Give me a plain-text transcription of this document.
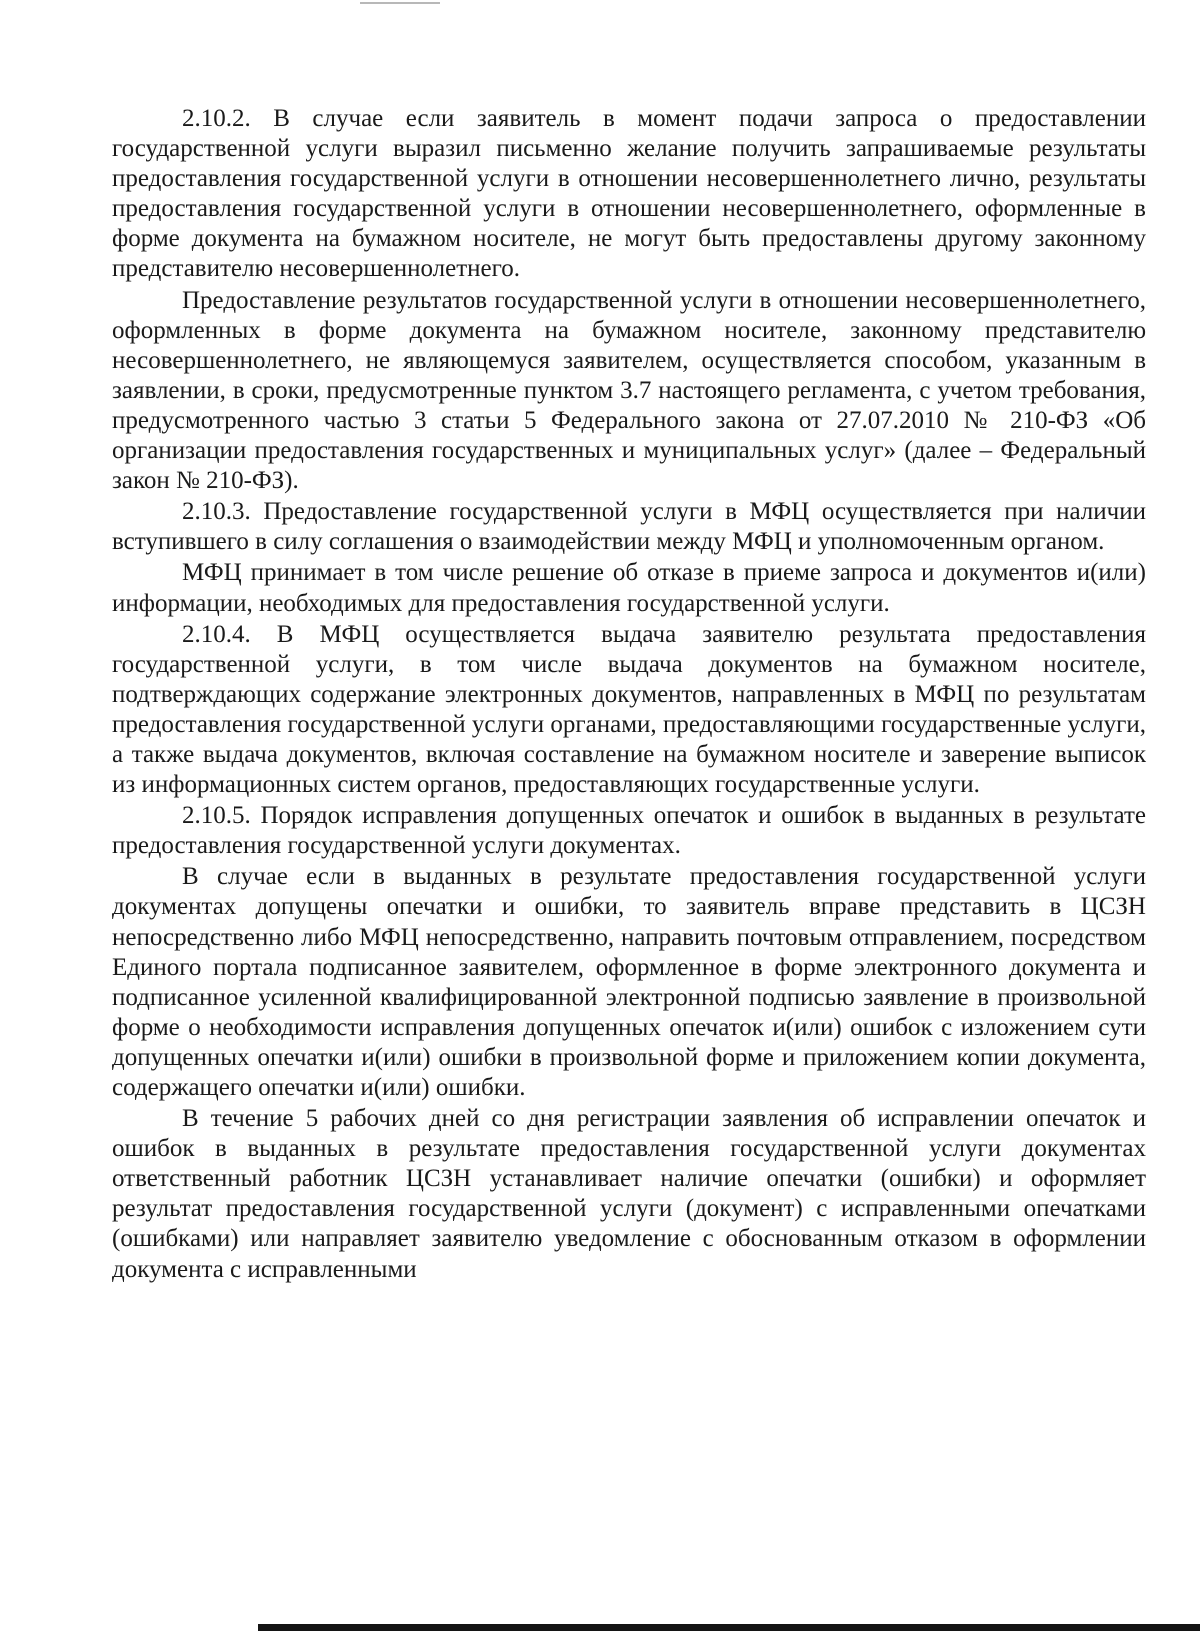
2.10.2. В случае если заявитель в момент подачи запроса о предоставлении государственной услуги выразил письменно желание получить запрашиваемые результаты предоставления государственной услуги в отношении несовершеннолетнего лично, результаты предоставления государственной услуги в отношении несовершеннолетнего, оформленные в форме документа на бумажном носителе, не могут быть предоставлены другому законному представителю несовершеннолетнего.

Предоставление результатов государственной услуги в отношении несовершеннолетнего, оформленных в форме документа на бумажном носителе, законному представителю несовершеннолетнего, не являющемуся заявителем, осуществляется способом, указанным в заявлении, в сроки, предусмотренные пунктом 3.7 настоящего регламента, с учетом требования, предусмотренного частью 3 статьи 5 Федерального закона от 27.07.2010 № 210-ФЗ «Об организации предоставления государственных и муниципальных услуг» (далее – Федеральный закон № 210-ФЗ).

2.10.3. Предоставление государственной услуги в МФЦ осуществляется при наличии вступившего в силу соглашения о взаимодействии между МФЦ и уполномоченным органом.

МФЦ принимает в том числе решение об отказе в приеме запроса и документов и(или) информации, необходимых для предоставления государственной услуги.

2.10.4. В МФЦ осуществляется выдача заявителю результата предоставления государственной услуги, в том числе выдача документов на бумажном носителе, подтверждающих содержание электронных документов, направленных в МФЦ по результатам предоставления государственной услуги органами, предоставляющими государственные услуги, а также выдача документов, включая составление на бумажном носителе и заверение выписок из информационных систем органов, предоставляющих государственные услуги.

2.10.5. Порядок исправления допущенных опечаток и ошибок в выданных в результате предоставления государственной услуги документах.

В случае если в выданных в результате предоставления государственной услуги документах допущены опечатки и ошибки, то заявитель вправе представить в ЦСЗН непосредственно либо МФЦ непосредственно, направить почтовым отправлением, посредством Единого портала подписанное заявителем, оформленное в форме электронного документа и подписанное усиленной квалифицированной электронной подписью заявление в произвольной форме о необходимости исправления допущенных опечаток и(или) ошибок с изложением сути допущенных опечатки и(или) ошибки в произвольной форме и приложением копии документа, содержащего опечатки и(или) ошибки.

В течение 5 рабочих дней со дня регистрации заявления об исправлении опечаток и ошибок в выданных в результате предоставления государственной услуги документах ответственный работник ЦСЗН устанавливает наличие опечатки (ошибки) и оформляет результат предоставления государственной услуги (документ) с исправленными опечатками (ошибками) или направляет заявителю уведомление с обоснованным отказом в оформлении документа с исправленными
